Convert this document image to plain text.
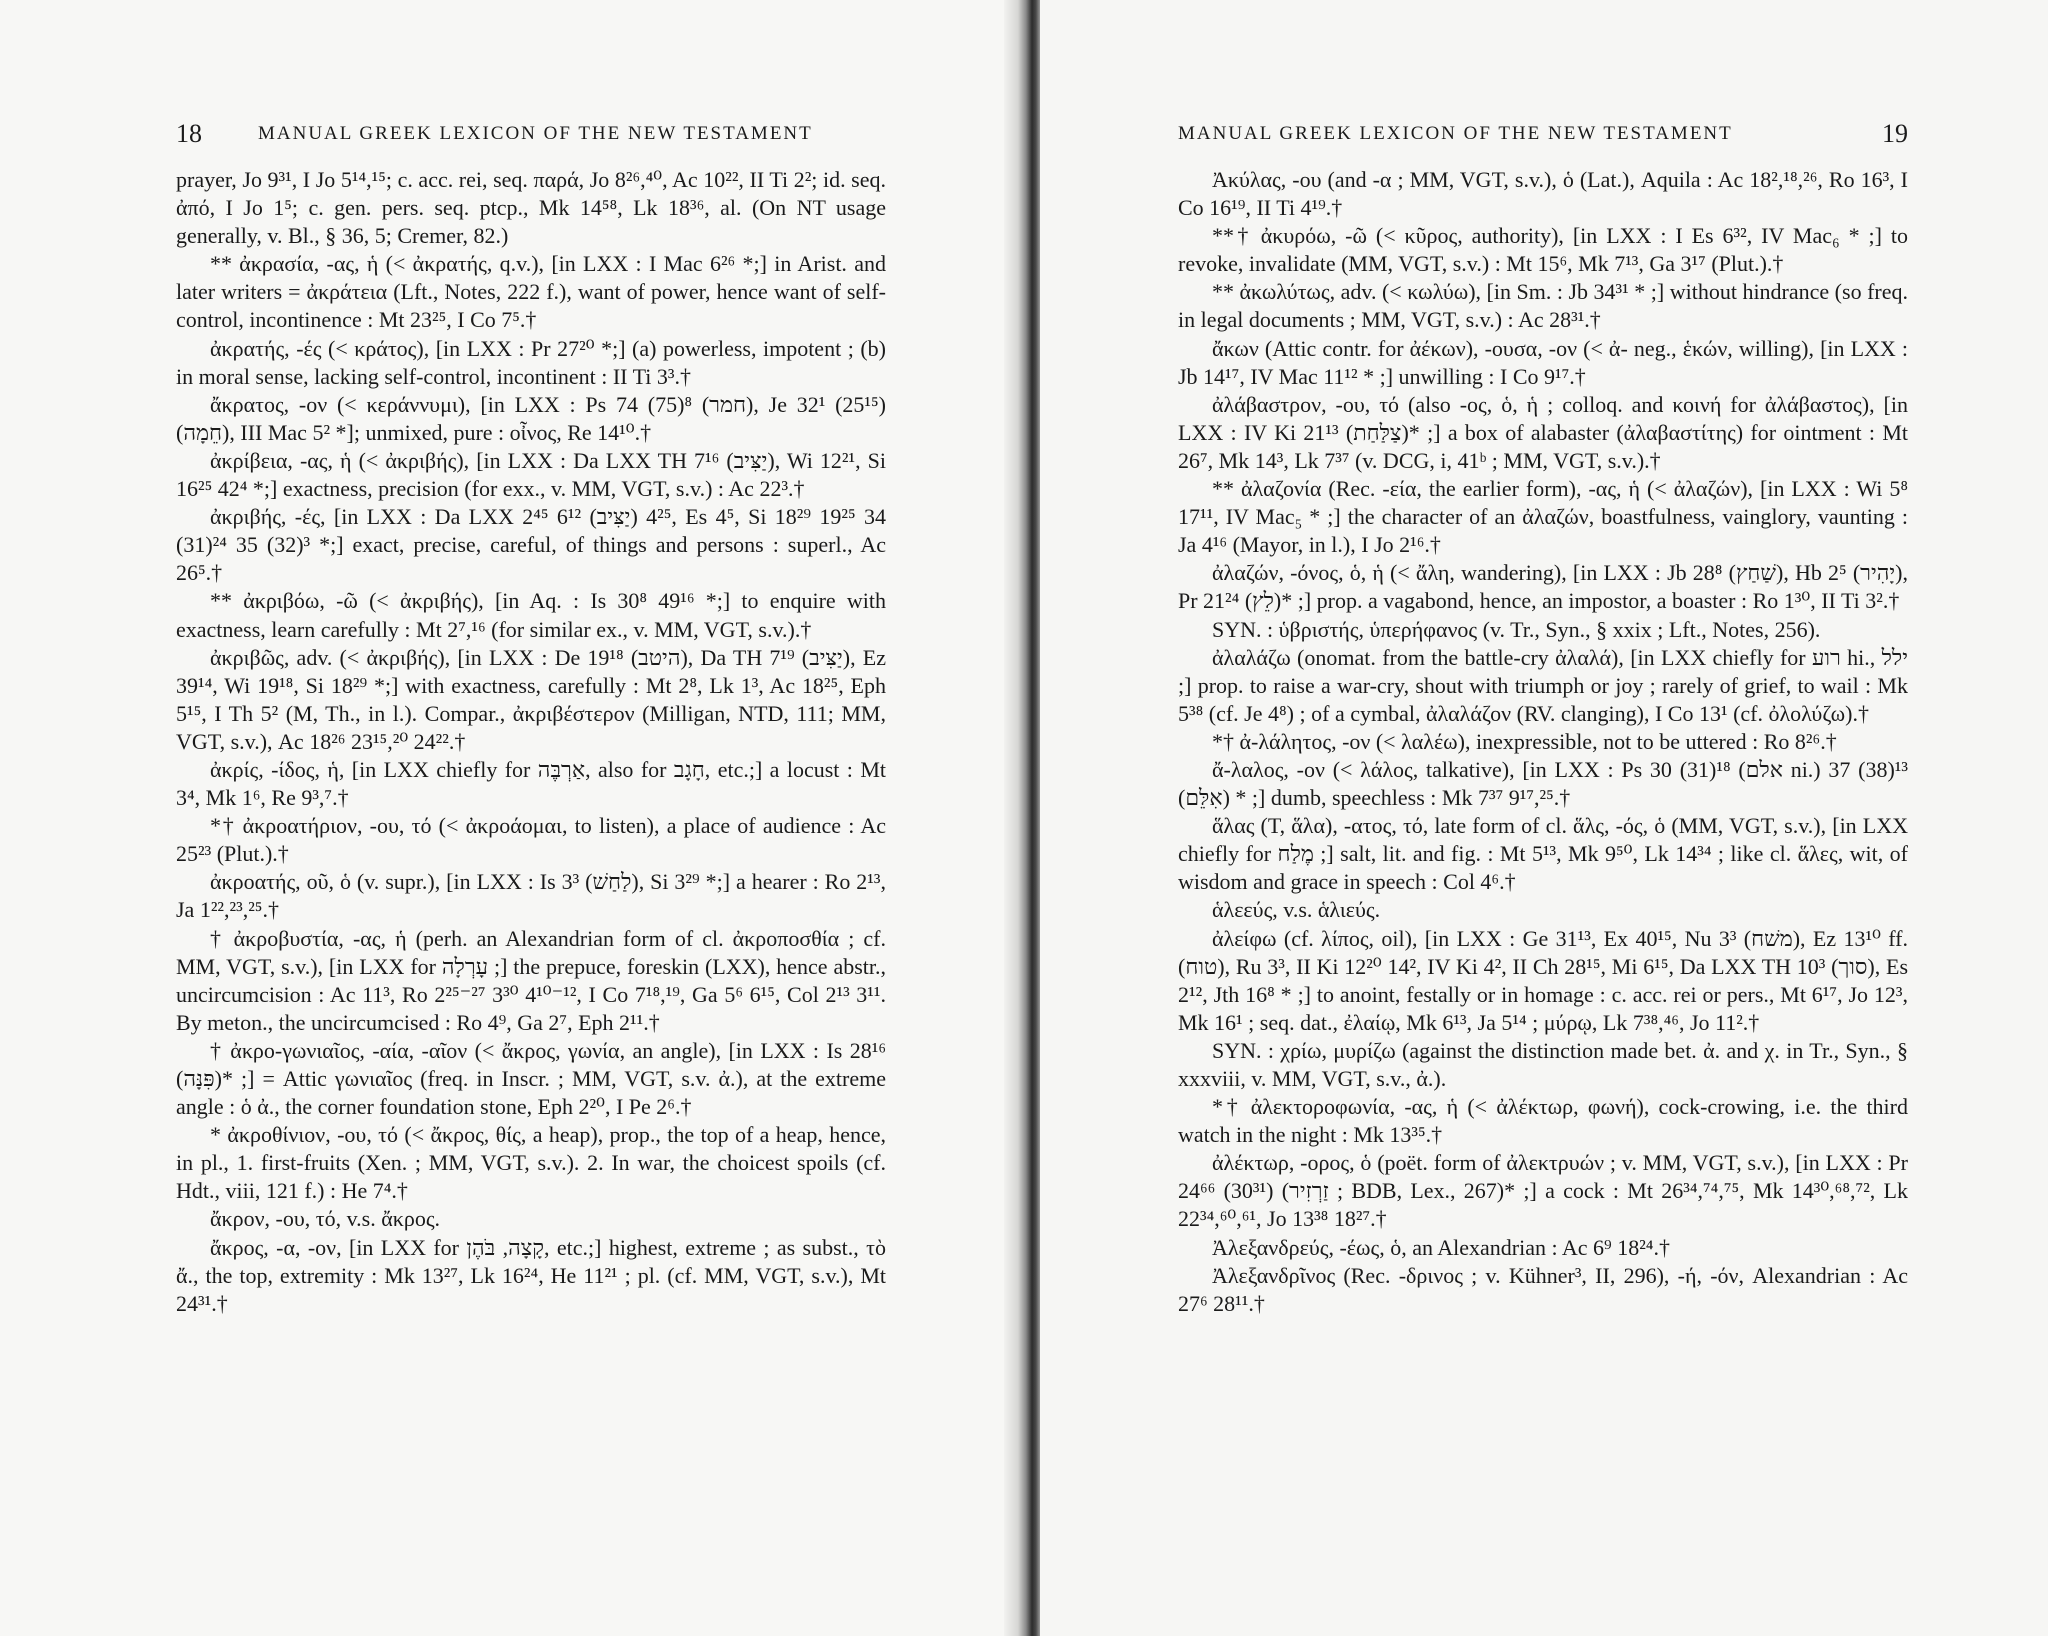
18	MANUAL GREEK LEXICON OF THE NEW TESTAMENT

prayer, Jo 9³¹, I Jo 5¹⁴,¹⁵; c. acc. rei, seq. παρά, Jo 8²⁶,⁴⁰, Ac 10²², II Ti 2²; id. seq. ἀπό, I Jo 1⁵; c. gen. pers. seq. ptcp., Mk 14⁵⁸, Lk 18³⁶, al. (On NT usage generally, v. Bl., § 36, 5; Cremer, 82.)

** ἀκρασία, -ας, ἡ (< ἀκρατής, q.v.), [in LXX : I Mac 6²⁶ *;] in Arist. and later writers = ἀκράτεια (Lft., Notes, 222 f.), want of power, hence want of self-control, incontinence : Mt 23²⁵, I Co 7⁵.†

ἀκρατής, -ές (< κράτος), [in LXX : Pr 27²⁰ *;] (a) powerless, impotent ; (b) in moral sense, lacking self-control, incontinent : II Ti 3³.†

ἄκρατος, -ον (< κεράννυμι), [in LXX : Ps 74 (75)⁸ (חמר), Je 32¹ (25¹⁵) (חֵמָה), III Mac 5² *]; unmixed, pure : οἶνος, Re 14¹⁰.†

ἀκρίβεια, -ας, ἡ (< ἀκριβής), [in LXX : Da LXX TH 7¹⁶ (יַצִּיב), Wi 12²¹, Si 16²⁵ 42⁴ *;] exactness, precision (for exx., v. MM, VGT, s.v.) : Ac 22³.†

ἀκριβής, -ές, [in LXX : Da LXX 2⁴⁵ 6¹² (יַצִּיב) 4²⁵, Es 4⁵, Si 18²⁹ 19²⁵ 34 (31)²⁴ 35 (32)³ *;] exact, precise, careful, of things and persons : superl., Ac 26⁵.†

** ἀκριβόω, -ῶ (< ἀκριβής), [in Aq. : Is 30⁸ 49¹⁶ *;] to enquire with exactness, learn carefully : Mt 2⁷,¹⁶ (for similar ex., v. MM, VGT, s.v.).†

ἀκριβῶς, adv. (< ἀκριβής), [in LXX : De 19¹⁸ (היטב), Da TH 7¹⁹ (יַצִּיב), Ez 39¹⁴, Wi 19¹⁸, Si 18²⁹ *;] with exactness, carefully : Mt 2⁸, Lk 1³, Ac 18²⁵, Eph 5¹⁵, I Th 5² (M, Th., in l.). Compar., ἀκριβέστερον (Milligan, NTD, 111; MM, VGT, s.v.), Ac 18²⁶ 23¹⁵,²⁰ 24²².†

ἀκρίς, -ίδος, ἡ, [in LXX chiefly for אַרְבֶּה, also for חָגָב, etc.;] a locust : Mt 3⁴, Mk 1⁶, Re 9³,⁷.†

*† ἀκροατήριον, -ου, τό (< ἀκροάομαι, to listen), a place of audience : Ac 25²³ (Plut.).†

ἀκροατής, οῦ, ὁ (v. supr.), [in LXX : Is 3³ (לַחַשׁ), Si 3²⁹ *;] a hearer : Ro 2¹³, Ja 1²²,²³,²⁵.†

† ἀκροβυστία, -ας, ἡ (perh. an Alexandrian form of cl. ἀκροποσθία ; cf. MM, VGT, s.v.), [in LXX for עָרְלָה ;] the prepuce, foreskin (LXX), hence abstr., uncircumcision : Ac 11³, Ro 2²⁵⁻²⁷ 3³⁰ 4¹⁰⁻¹², I Co 7¹⁸,¹⁹, Ga 5⁶ 6¹⁵, Col 2¹³ 3¹¹. By meton., the uncircumcised : Ro 4⁹, Ga 2⁷, Eph 2¹¹.†

† ἀκρο-γωνιαῖος, -αία, -αῖον (< ἄκρος, γωνία, an angle), [in LXX : Is 28¹⁶ (פִּנָּה)* ;] = Attic γωνιαῖος (freq. in Inscr. ; MM, VGT, s.v. ἀ.), at the extreme angle : ὁ ἀ., the corner foundation stone, Eph 2²⁰, I Pe 2⁶.†

* ἀκροθίνιον, -ου, τό (< ἄκρος, θίς, a heap), prop., the top of a heap, hence, in pl., 1. first-fruits (Xen. ; MM, VGT, s.v.). 2. In war, the choicest spoils (cf. Hdt., viii, 121 f.) : He 7⁴.†

ἄκρον, -ου, τό, v.s. ἄκρος.

ἄκρος, -α, -ον, [in LXX for קָצָה, בֹּהֶן, etc.;] highest, extreme ; as subst., τὸ ἄ., the top, extremity : Mk 13²⁷, Lk 16²⁴, He 11²¹ ; pl. (cf. MM, VGT, s.v.), Mt 24³¹.†

MANUAL GREEK LEXICON OF THE NEW TESTAMENT	19

Ἀκύλας, -ου (and -α ; MM, VGT, s.v.), ὁ (Lat.), Aquila : Ac 18²,¹⁸,²⁶, Ro 16³, I Co 16¹⁹, II Ti 4¹⁹.†

**† ἀκυρόω, -ῶ (< κῦρος, authority), [in LXX : I Es 6³², IV Mac₆ * ;] to revoke, invalidate (MM, VGT, s.v.) : Mt 15⁶, Mk 7¹³, Ga 3¹⁷ (Plut.).†

** ἀκωλύτως, adv. (< κωλύω), [in Sm. : Jb 34³¹ * ;] without hindrance (so freq. in legal documents ; MM, VGT, s.v.) : Ac 28³¹.†

ἄκων (Attic contr. for ἀέκων), -ουσα, -ον (< ἀ- neg., ἑκών, willing), [in LXX : Jb 14¹⁷, IV Mac 11¹² * ;] unwilling : I Co 9¹⁷.†

ἀλάβαστρον, -ου, τό (also -ος, ὁ, ἡ ; colloq. and κοινή for ἀλάβαστος), [in LXX : IV Ki 21¹³ (צַלַּחַת)* ;] a box of alabaster (ἀλαβαστίτης) for ointment : Mt 26⁷, Mk 14³, Lk 7³⁷ (v. DCG, i, 41ᵇ ; MM, VGT, s.v.).†

** ἀλαζονία (Rec. -εία, the earlier form), -ας, ἡ (< ἀλαζών), [in LXX : Wi 5⁸ 17¹¹, IV Mac₅ * ;] the character of an ἀλαζών, boastfulness, vainglory, vaunting : Ja 4¹⁶ (Mayor, in l.), I Jo 2¹⁶.†

ἀλαζών, -όνος, ὁ, ἡ (< ἄλη, wandering), [in LXX : Jb 28⁸ (שַׁחַץ), Hb 2⁵ (יָהִיר), Pr 21²⁴ (לֵץ)* ;] prop. a vagabond, hence, an impostor, a boaster : Ro 1³⁰, II Ti 3².†

SYN. : ὑβριστής, ὑπερήφανος (v. Tr., Syn., § xxix ; Lft., Notes, 256).

ἀλαλάζω (onomat. from the battle-cry ἀλαλά), [in LXX chiefly for רוע hi., ילל ;] prop. to raise a war-cry, shout with triumph or joy ; rarely of grief, to wail : Mk 5³⁸ (cf. Je 4⁸) ; of a cymbal, ἀλαλάζον (RV. clanging), I Co 13¹ (cf. ὀλολύζω).†

*† ἀ-λάλητος, -ον (< λαλέω), inexpressible, not to be uttered : Ro 8²⁶.†

ἄ-λαλος, -ον (< λάλος, talkative), [in LXX : Ps 30 (31)¹⁸ (אלם ni.) 37 (38)¹³ (אִלֵּם) * ;] dumb, speechless : Mk 7³⁷ 9¹⁷,²⁵.†

ἅλας (T, ἅλα), -ατος, τό, late form of cl. ἅλς, -ός, ὁ (MM, VGT, s.v.), [in LXX chiefly for מֶלַח ;] salt, lit. and fig. : Mt 5¹³, Mk 9⁵⁰, Lk 14³⁴ ; like cl. ἅλες, wit, of wisdom and grace in speech : Col 4⁶.†

ἁλεεύς, v.s. ἁλιεύς.

ἀλείφω (cf. λίπος, oil), [in LXX : Ge 31¹³, Ex 40¹⁵, Nu 3³ (משׁח), Ez 13¹⁰ ff. (טוח), Ru 3³, II Ki 12²⁰ 14², IV Ki 4², II Ch 28¹⁵, Mi 6¹⁵, Da LXX TH 10³ (סוך), Es 2¹², Jth 16⁸ * ;] to anoint, festally or in homage : c. acc. rei or pers., Mt 6¹⁷, Jo 12³, Mk 16¹ ; seq. dat., ἐλαίῳ, Mk 6¹³, Ja 5¹⁴ ; μύρῳ, Lk 7³⁸,⁴⁶, Jo 11².†

SYN. : χρίω, μυρίζω (against the distinction made bet. ἀ. and χ. in Tr., Syn., § xxxviii, v. MM, VGT, s.v., ἀ.).

*† ἀλεκτοροφωνία, -ας, ἡ (< ἀλέκτωρ, φωνή), cock-crowing, i.e. the third watch in the night : Mk 13³⁵.†

ἀλέκτωρ, -ορος, ὁ (poët. form of ἀλεκτρυών ; v. MM, VGT, s.v.), [in LXX : Pr 24⁶⁶ (30³¹) (זַרְזִיר ; BDB, Lex., 267)* ;] a cock : Mt 26³⁴,⁷⁴,⁷⁵, Mk 14³⁰,⁶⁸,⁷², Lk 22³⁴,⁶⁰,⁶¹, Jo 13³⁸ 18²⁷.†

Ἀλεξανδρεύς, -έως, ὁ, an Alexandrian : Ac 6⁹ 18²⁴.†

Ἀλεξανδρῖνος (Rec. -δρινος ; v. Kühner³, II, 296), -ή, -όν, Alexandrian : Ac 27⁶ 28¹¹.†
